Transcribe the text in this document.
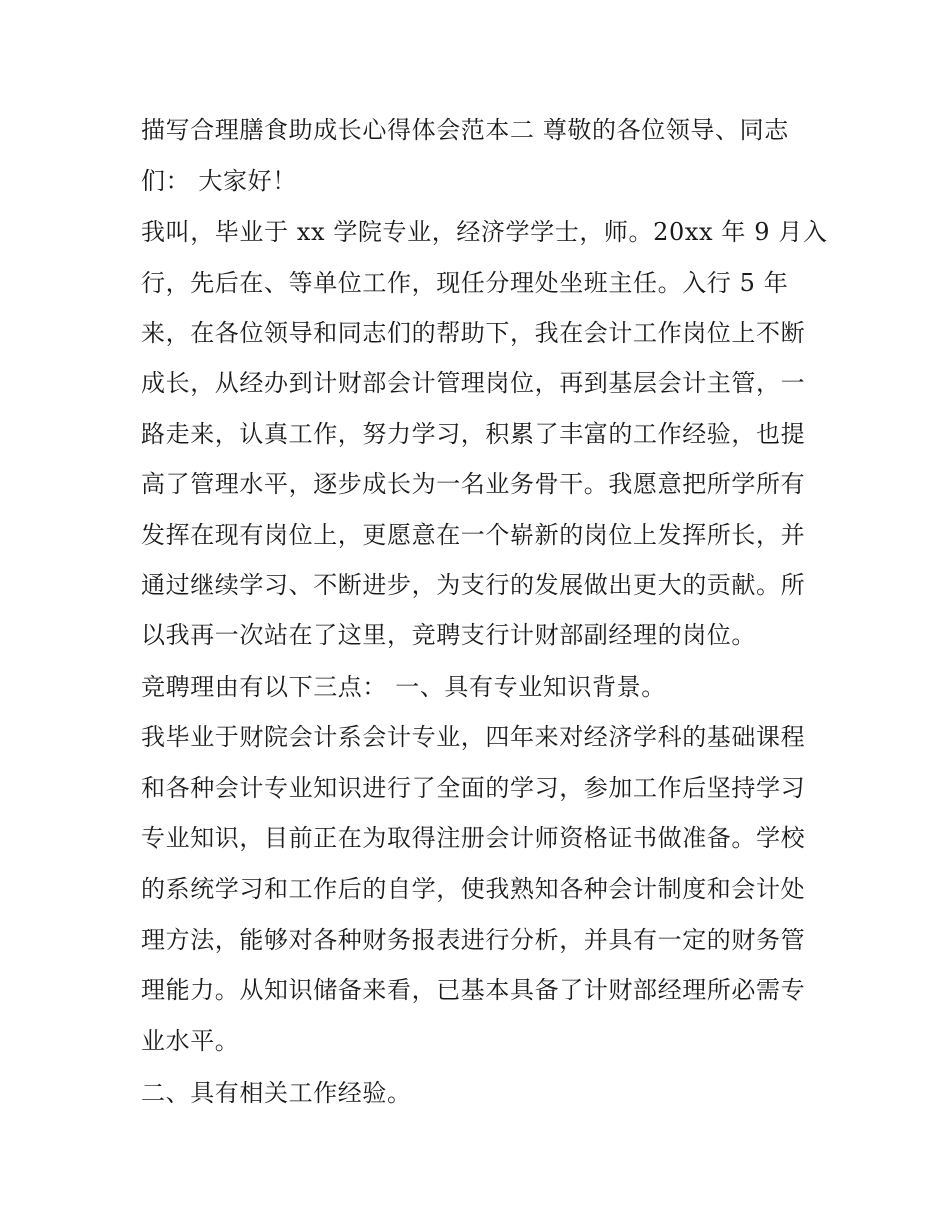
描写合理膳食助成长心得体会范本二 尊敬的各位领导、同志
们： 大家好！
我叫，毕业于 xx 学院专业，经济学学士，师。20xx 年 9 月入
行，先后在、等单位工作，现任分理处坐班主任。入行 5 年
来，在各位领导和同志们的帮助下，我在会计工作岗位上不断
成长，从经办到计财部会计管理岗位，再到基层会计主管，一
路走来，认真工作，努力学习，积累了丰富的工作经验，也提
高了管理水平，逐步成长为一名业务骨干。我愿意把所学所有
发挥在现有岗位上，更愿意在一个崭新的岗位上发挥所长，并
通过继续学习、不断进步，为支行的发展做出更大的贡献。所
以我再一次站在了这里，竞聘支行计财部副经理的岗位。
竞聘理由有以下三点： 一、具有专业知识背景。
我毕业于财院会计系会计专业，四年来对经济学科的基础课程
和各种会计专业知识进行了全面的学习，参加工作后坚持学习
专业知识，目前正在为取得注册会计师资格证书做准备。学校
的系统学习和工作后的自学，使我熟知各种会计制度和会计处
理方法，能够对各种财务报表进行分析，并具有一定的财务管
理能力。从知识储备来看，已基本具备了计财部经理所必需专
业水平。
二、具有相关工作经验。
